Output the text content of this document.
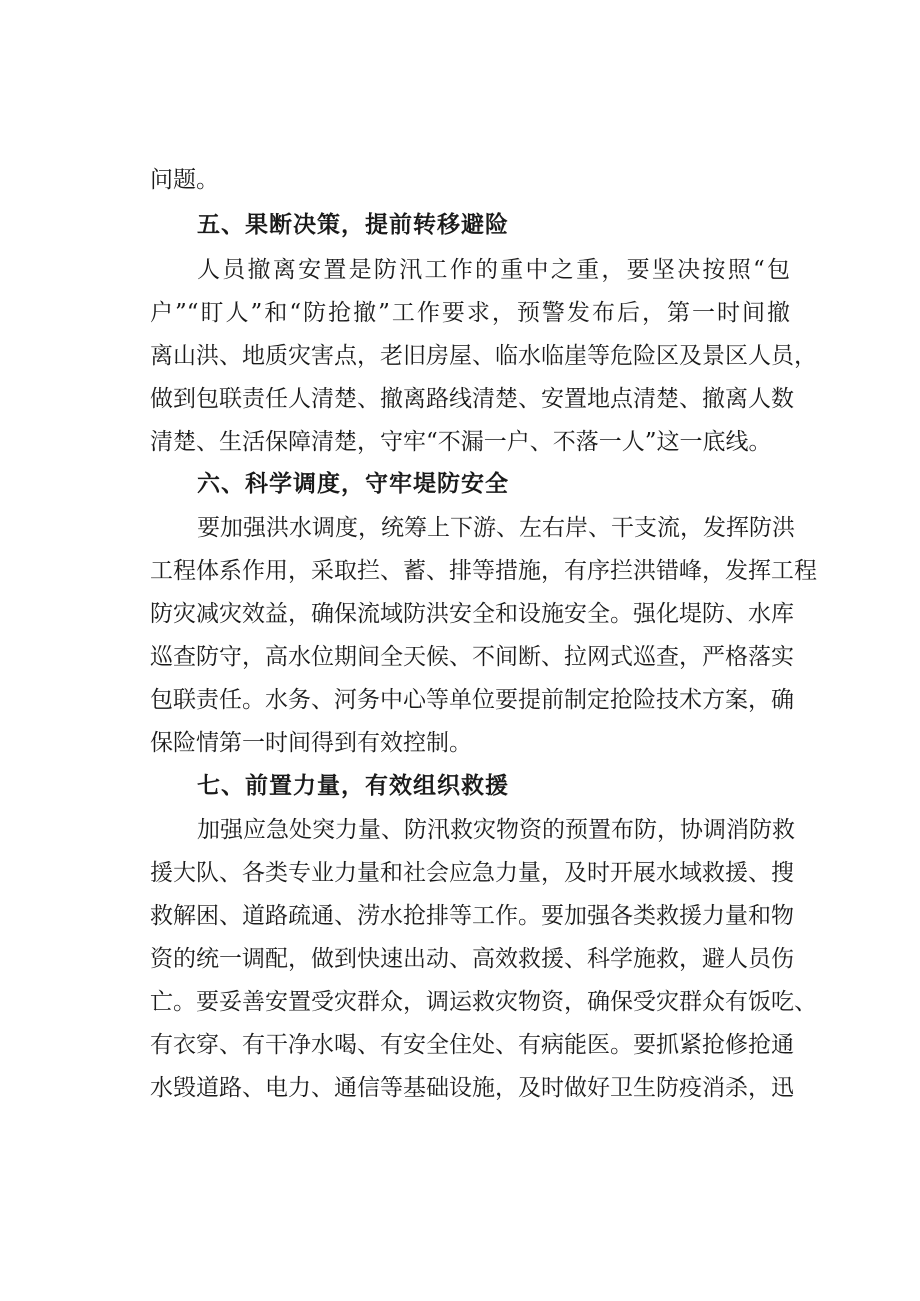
问题。
五、果断决策，提前转移避险
人员撤离安置是防汛工作的重中之重，要坚决按照“包
户”“盯人”和“防抢撤”工作要求，预警发布后，第一时间撤
离山洪、地质灾害点，老旧房屋、临水临崖等危险区及景区人员，
做到包联责任人清楚、撤离路线清楚、安置地点清楚、撤离人数
清楚、生活保障清楚，守牢“不漏一户、不落一人”这一底线。
六、科学调度，守牢堤防安全
要加强洪水调度，统筹上下游、左右岸、干支流，发挥防洪
工程体系作用，采取拦、蓄、排等措施，有序拦洪错峰，发挥工程
防灾减灾效益，确保流域防洪安全和设施安全。强化堤防、水库
巡查防守，高水位期间全天候、不间断、拉网式巡查，严格落实
包联责任。水务、河务中心等单位要提前制定抢险技术方案，确
保险情第一时间得到有效控制。
七、前置力量，有效组织救援
加强应急处突力量、防汛救灾物资的预置布防，协调消防救
援大队、各类专业力量和社会应急力量，及时开展水域救援、搜
救解困、道路疏通、涝水抢排等工作。要加强各类救援力量和物
资的统一调配，做到快速出动、高效救援、科学施救，避人员伤
亡。要妥善安置受灾群众，调运救灾物资，确保受灾群众有饭吃、
有衣穿、有干净水喝、有安全住处、有病能医。要抓紧抢修抢通
水毁道路、电力、通信等基础设施，及时做好卫生防疫消杀，迅
